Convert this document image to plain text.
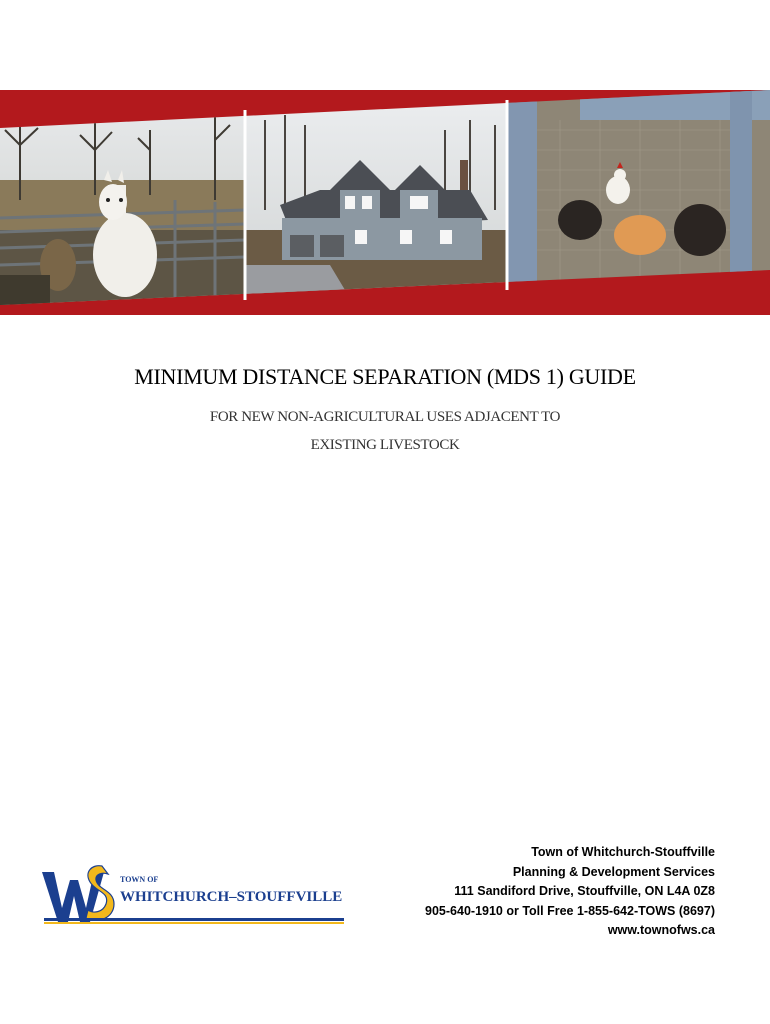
MINIMUM DISTANCE SEPARATION (MDS 1) GUIDE
FOR NEW NON-AGRICULTURAL USES ADJACENT TO
EXISTING LIVESTOCK
TOWN OF
WHITCHURCH–STOUFFVILLE
Town of Whitchurch-Stouffville
Planning & Development Services
111 Sandiford Drive, Stouffville, ON L4A 0Z8
905-640-1910 or Toll Free 1-855-642-TOWS (8697)
www.townofws.ca
